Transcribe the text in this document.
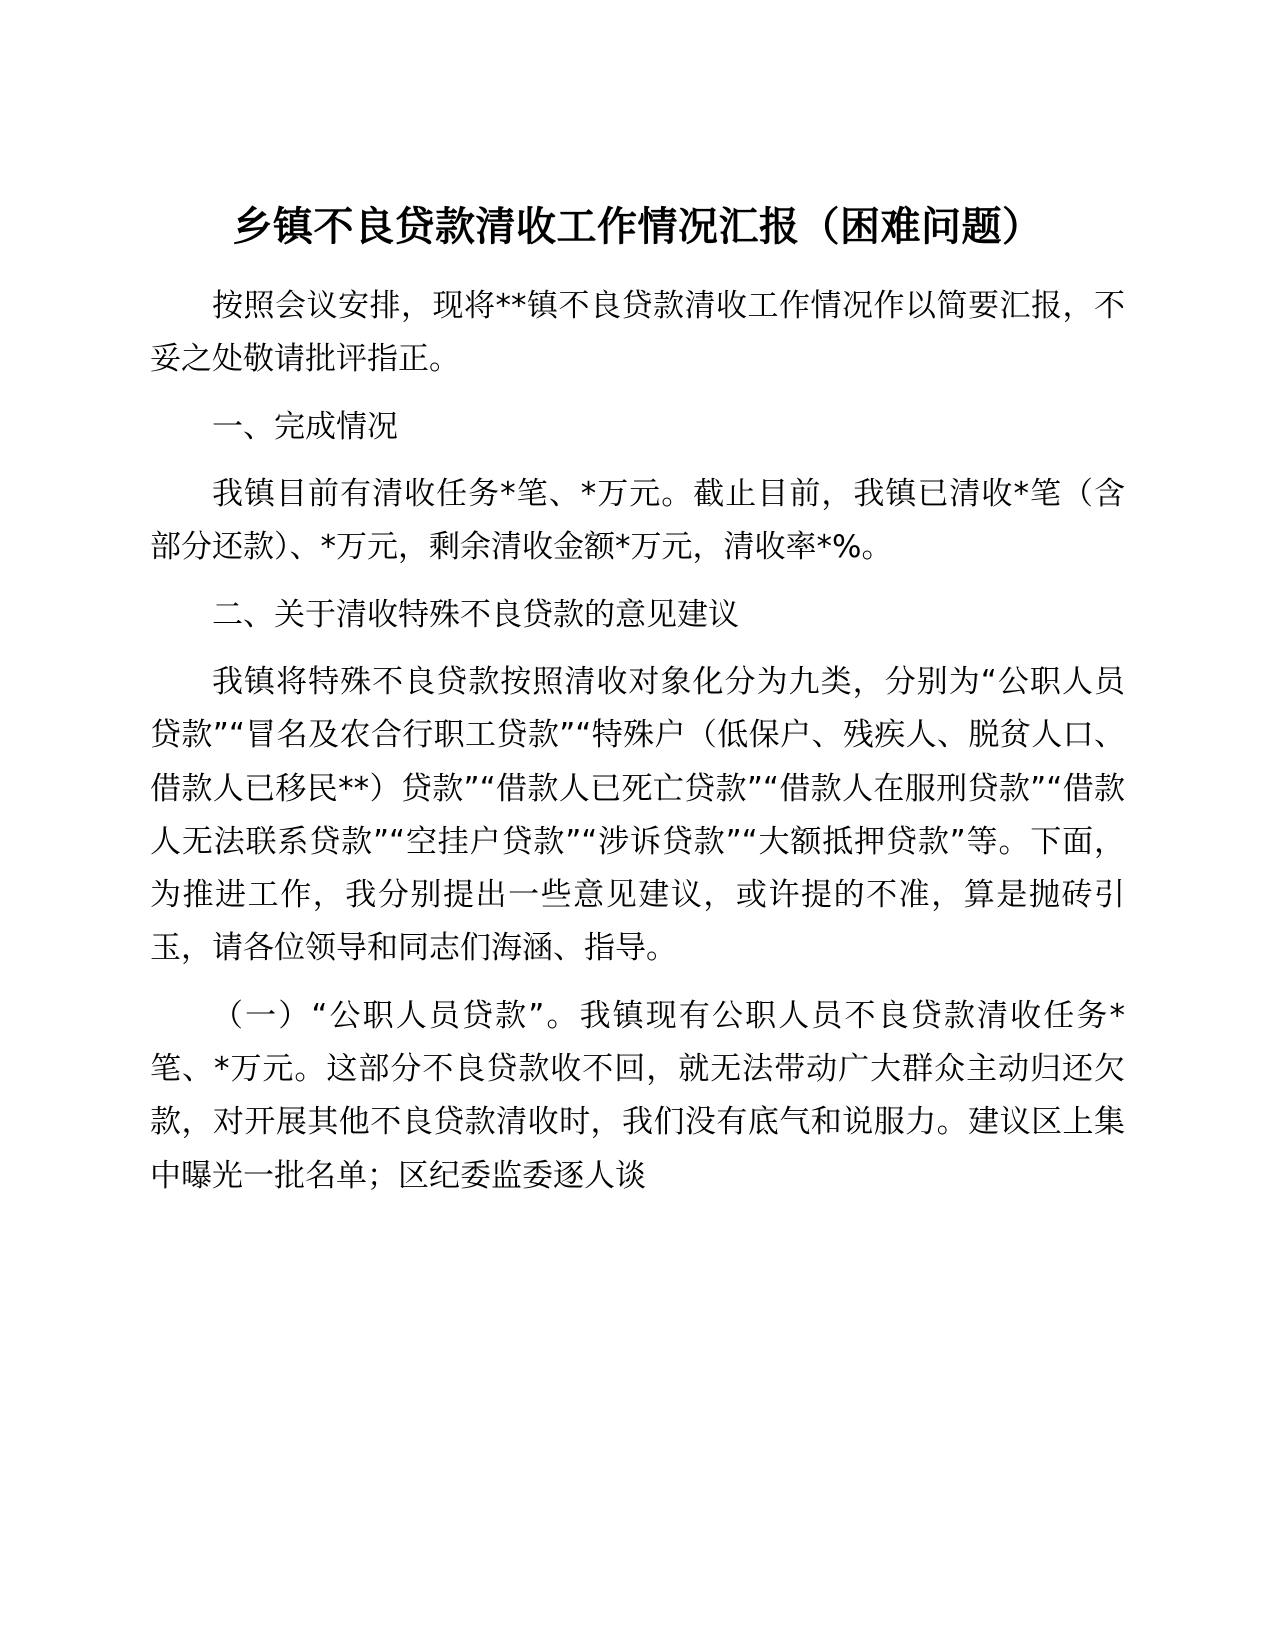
乡镇不良贷款清收工作情况汇报（困难问题）

按照会议安排，现将**镇不良贷款清收工作情况作以简要汇报，不妥之处敬请批评指正。

一、完成情况

我镇目前有清收任务*笔、*万元。截止目前，我镇已清收*笔（含部分还款）、*万元，剩余清收金额*万元，清收率*%。

二、关于清收特殊不良贷款的意见建议

我镇将特殊不良贷款按照清收对象化分为九类，分别为“公职人员贷款”“冒名及农合行职工贷款”“特殊户（低保户、残疾人、脱贫人口、借款人已移民**）贷款”“借款人已死亡贷款”“借款人在服刑贷款”“借款人无法联系贷款”“空挂户贷款”“涉诉贷款”“大额抵押贷款”等。下面，为推进工作，我分别提出一些意见建议，或许提的不准，算是抛砖引玉，请各位领导和同志们海涵、指导。

（一）“公职人员贷款”。我镇现有公职人员不良贷款清收任务*笔、*万元。这部分不良贷款收不回，就无法带动广大群众主动归还欠款，对开展其他不良贷款清收时，我们没有底气和说服力。建议区上集中曝光一批名单；区纪委监委逐人谈
